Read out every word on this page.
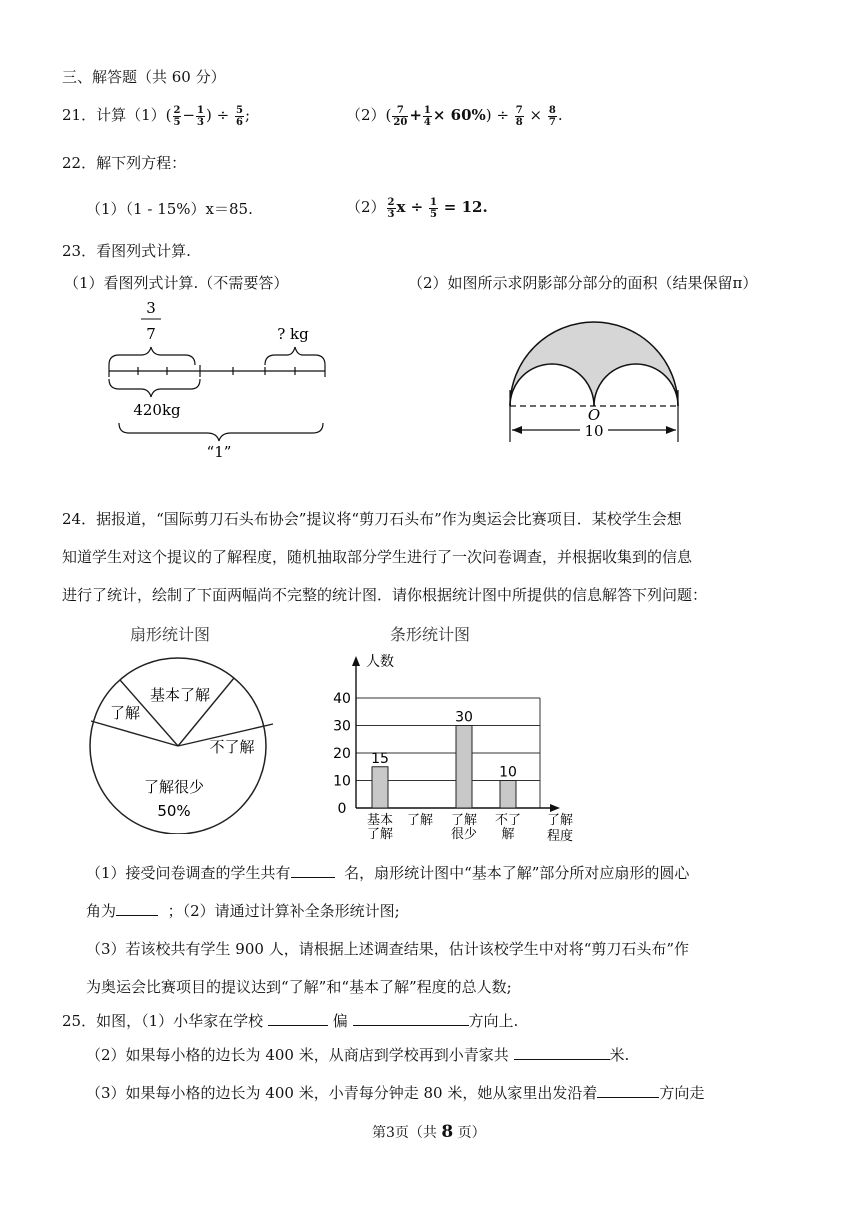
三、解答题（共 60 分）
21．计算$(1)( \frac{2}{5} - \frac{1}{3}$ ) ÷ $\frac{5}{6}$ ;	$(2)( \frac{7}{20} + \frac{1}{4} \times 60\%) \div \frac{7}{8} \times \frac{8}{7}$ .
22．解下列方程：
（1）（1 - 15%）x＝85.	$(2) \frac{2}{3}$ $x \div \frac{1}{5} = 12$.
23．看图列式计算.
（1）看图列式计算.（不需要答）	（2）如图所示求阴影部分部分的面积（结果保留π）
3
7	? kg
420kg
“1”
O
10
24．据报道，“国际剪刀石头布协会”提议将“剪刀石头布”作为奥运会比赛项目．某校学生会想
知道学生对这个提议的了解程度，随机抽取部分学生进行了一次问卷调查，并根据收集到的信息
进行了统计，绘制了下面两幅尚不完整的统计图．请你根据统计图中所提供的信息解答下列问题：
扇形统计图
基本了解
了解
不了解
了解很少
50%
条形统计图
人数
0
10
20
30
40
15
30
10
基本
了解
了解 了解
很少
不了
解
了解
程度
（1）接受问卷调查的学生共有	名，扇形统计图中“基本了解”部分所对应扇形的圆心
角为	；（2）请通过计算补全条形统计图;
（3）若该校共有学生 900 人，请根据上述调查结果，估计该校学生中对将“剪刀石头布”作
为奥运会比赛项目的提议达到“了解”和“基本了解”程度的总人数;
25．如图，（1）小华家在学校	偏	方向上.
（2）如果每小格的边长为 400 米，从商店到学校再到小青家共	米.
（3）如果每小格的边长为 400 米，小青每分钟走 80 米，她从家里出发沿着	方向走
第3页（共 8 页）
